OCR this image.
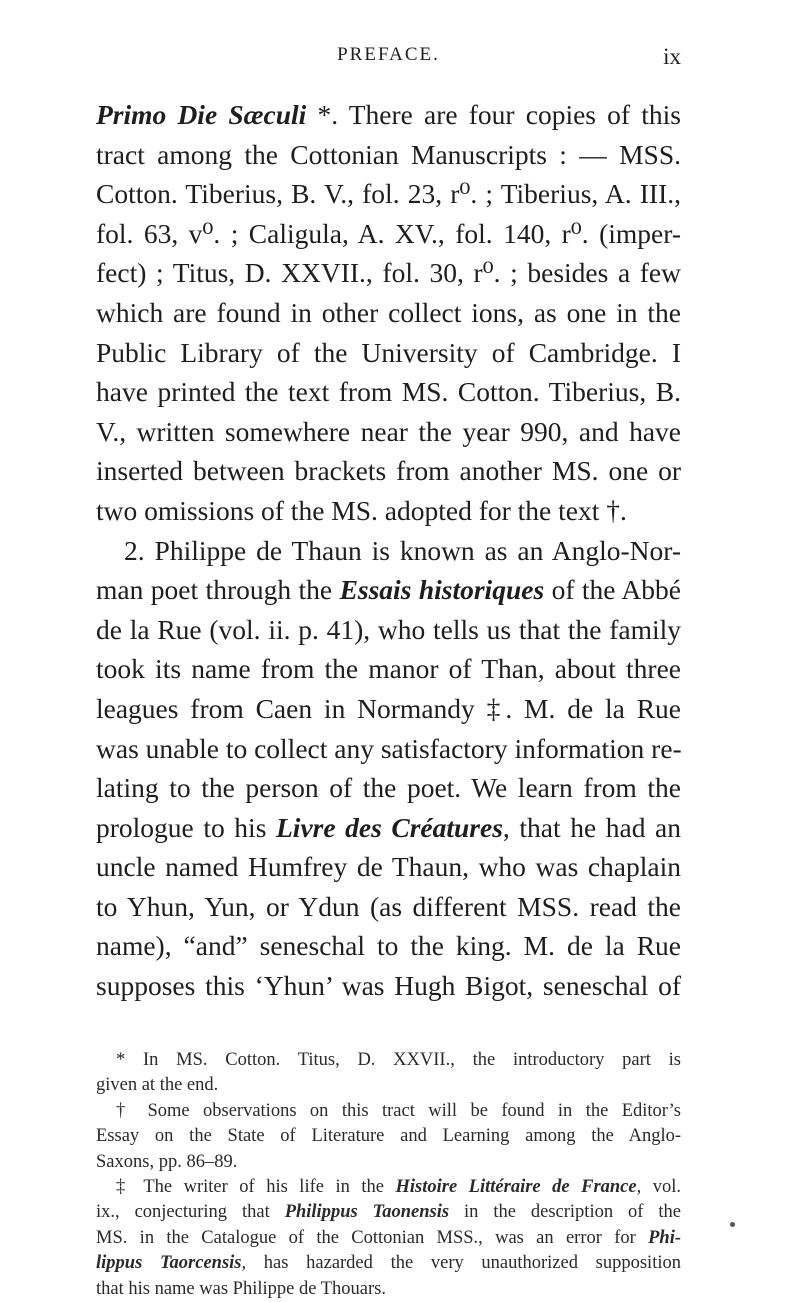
PREFACE.	ix
Primo Die Sæculi *. There are four copies of this
tract among the Cottonian Manuscripts : — MSS.
Cotton. Tiberius, B. V., fol. 23, r⁰. ; Tiberius, A. III.,
fol. 63, v⁰. ; Caligula, A. XV., fol. 140, r⁰. (imper-
fect) ; Titus, D. XXVII., fol. 30, r⁰. ; besides a few
which are found in other collect ions, as one in the
Public Library of the University of Cambridge. I
have printed the text from MS. Cotton. Tiberius, B.
V., written somewhere near the year 990, and have
inserted between brackets from another MS. one or
two omissions of the MS. adopted for the text †.
2. Philippe de Thaun is known as an Anglo-Nor-
man poet through the Essais historiques of the Abbé
de la Rue (vol. ii. p. 41), who tells us that the family
took its name from the manor of Than, about three
leagues from Caen in Normandy ‡. M. de la Rue
was unable to collect any satisfactory information re-
lating to the person of the poet. We learn from the
prologue to his Livre des Créatures, that he had an
uncle named Humfrey de Thaun, who was chaplain
to Yhun, Yun, or Ydun (as different MSS. read the
name), “and” seneschal to the king. M. de la Rue
supposes this ‘Yhun’ was Hugh Bigot, seneschal of
* In MS. Cotton. Titus, D. XXVII., the introductory part is
given at the end.
† Some observations on this tract will be found in the Editor’s
Essay on the State of Literature and Learning among the Anglo-
Saxons, pp. 86–89.
‡ The writer of his life in the Histoire Littéraire de France, vol.
ix., conjecturing that Philippus Taonensis in the description of the
MS. in the Catalogue of the Cottonian MSS., was an error for Phi-
lippus Taorcensis, has hazarded the very unauthorized supposition
that his name was Philippe de Thouars.
